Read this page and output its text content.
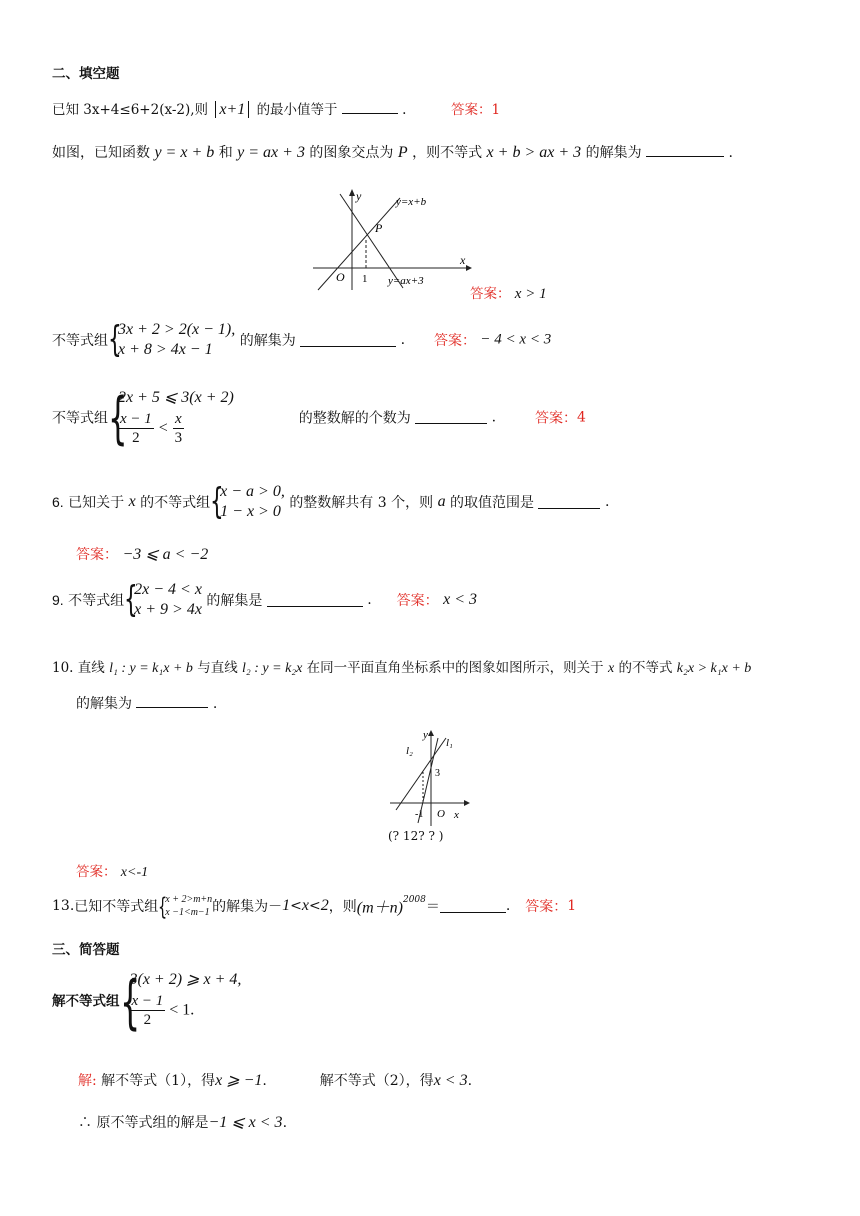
二、填空题
已知 3x+4≤6+2(x-2),则 x+1 的最小值等于	.	答案：1
如图，已知函数 y = x + b 和 y = ax + 3 的图象交点为 P ，则不等式 x + b > ax + 3 的解集为	.
y
x
O 1
P
y=x+b
y=ax+3
答案： x > 1
不等式组 {
3x + 2 > 2(x − 1),
x + 8 > 4x − 1	的解集为	. 答案： − 4 < x < 3
不等式组 {
2x + 5 ⩽ 3(x + 2)
$\frac{x - 1}{2} < \frac{x}{3}$	的整数解的个数为	.	答案：4
6. 已知关于 x 的不等式组 {
x − a > 0,
1 − x > 0 的整数解共有 3 个，则 a 的取值范围是	.
答案： −3 ⩽ a < −2
9. 不等式组 {
2x − 4 < x
x + 9 > 4x 的解集是	. 答案： x < 3
10. 直线 l₁ : y = k₁x + b 与直线 l₂ : y = k₂x 在同一平面直角坐标系中的图象如图所示，则关于 x 的不等式 k₂x > k₁x + b
的解集为	.
y
x
O
l₂
l₁
3
-1
(? 12? ? )
答案： x<-1
13.已知不等式组 {
x + 2>m+n
x −1<m−1 的解集为－1<x<2，则$(m+n)^{2008}=$	. 答案：1
三、简答题
解不等式组 {
3(x + 2) ⩾ x + 4,
$\frac{x - 1}{2} < 1$.
解: 解不等式（1），得x ⩾ −1.	解不等式（2），得x < 3.
∴ 原不等式组的解是−1 ⩽ x < 3.
